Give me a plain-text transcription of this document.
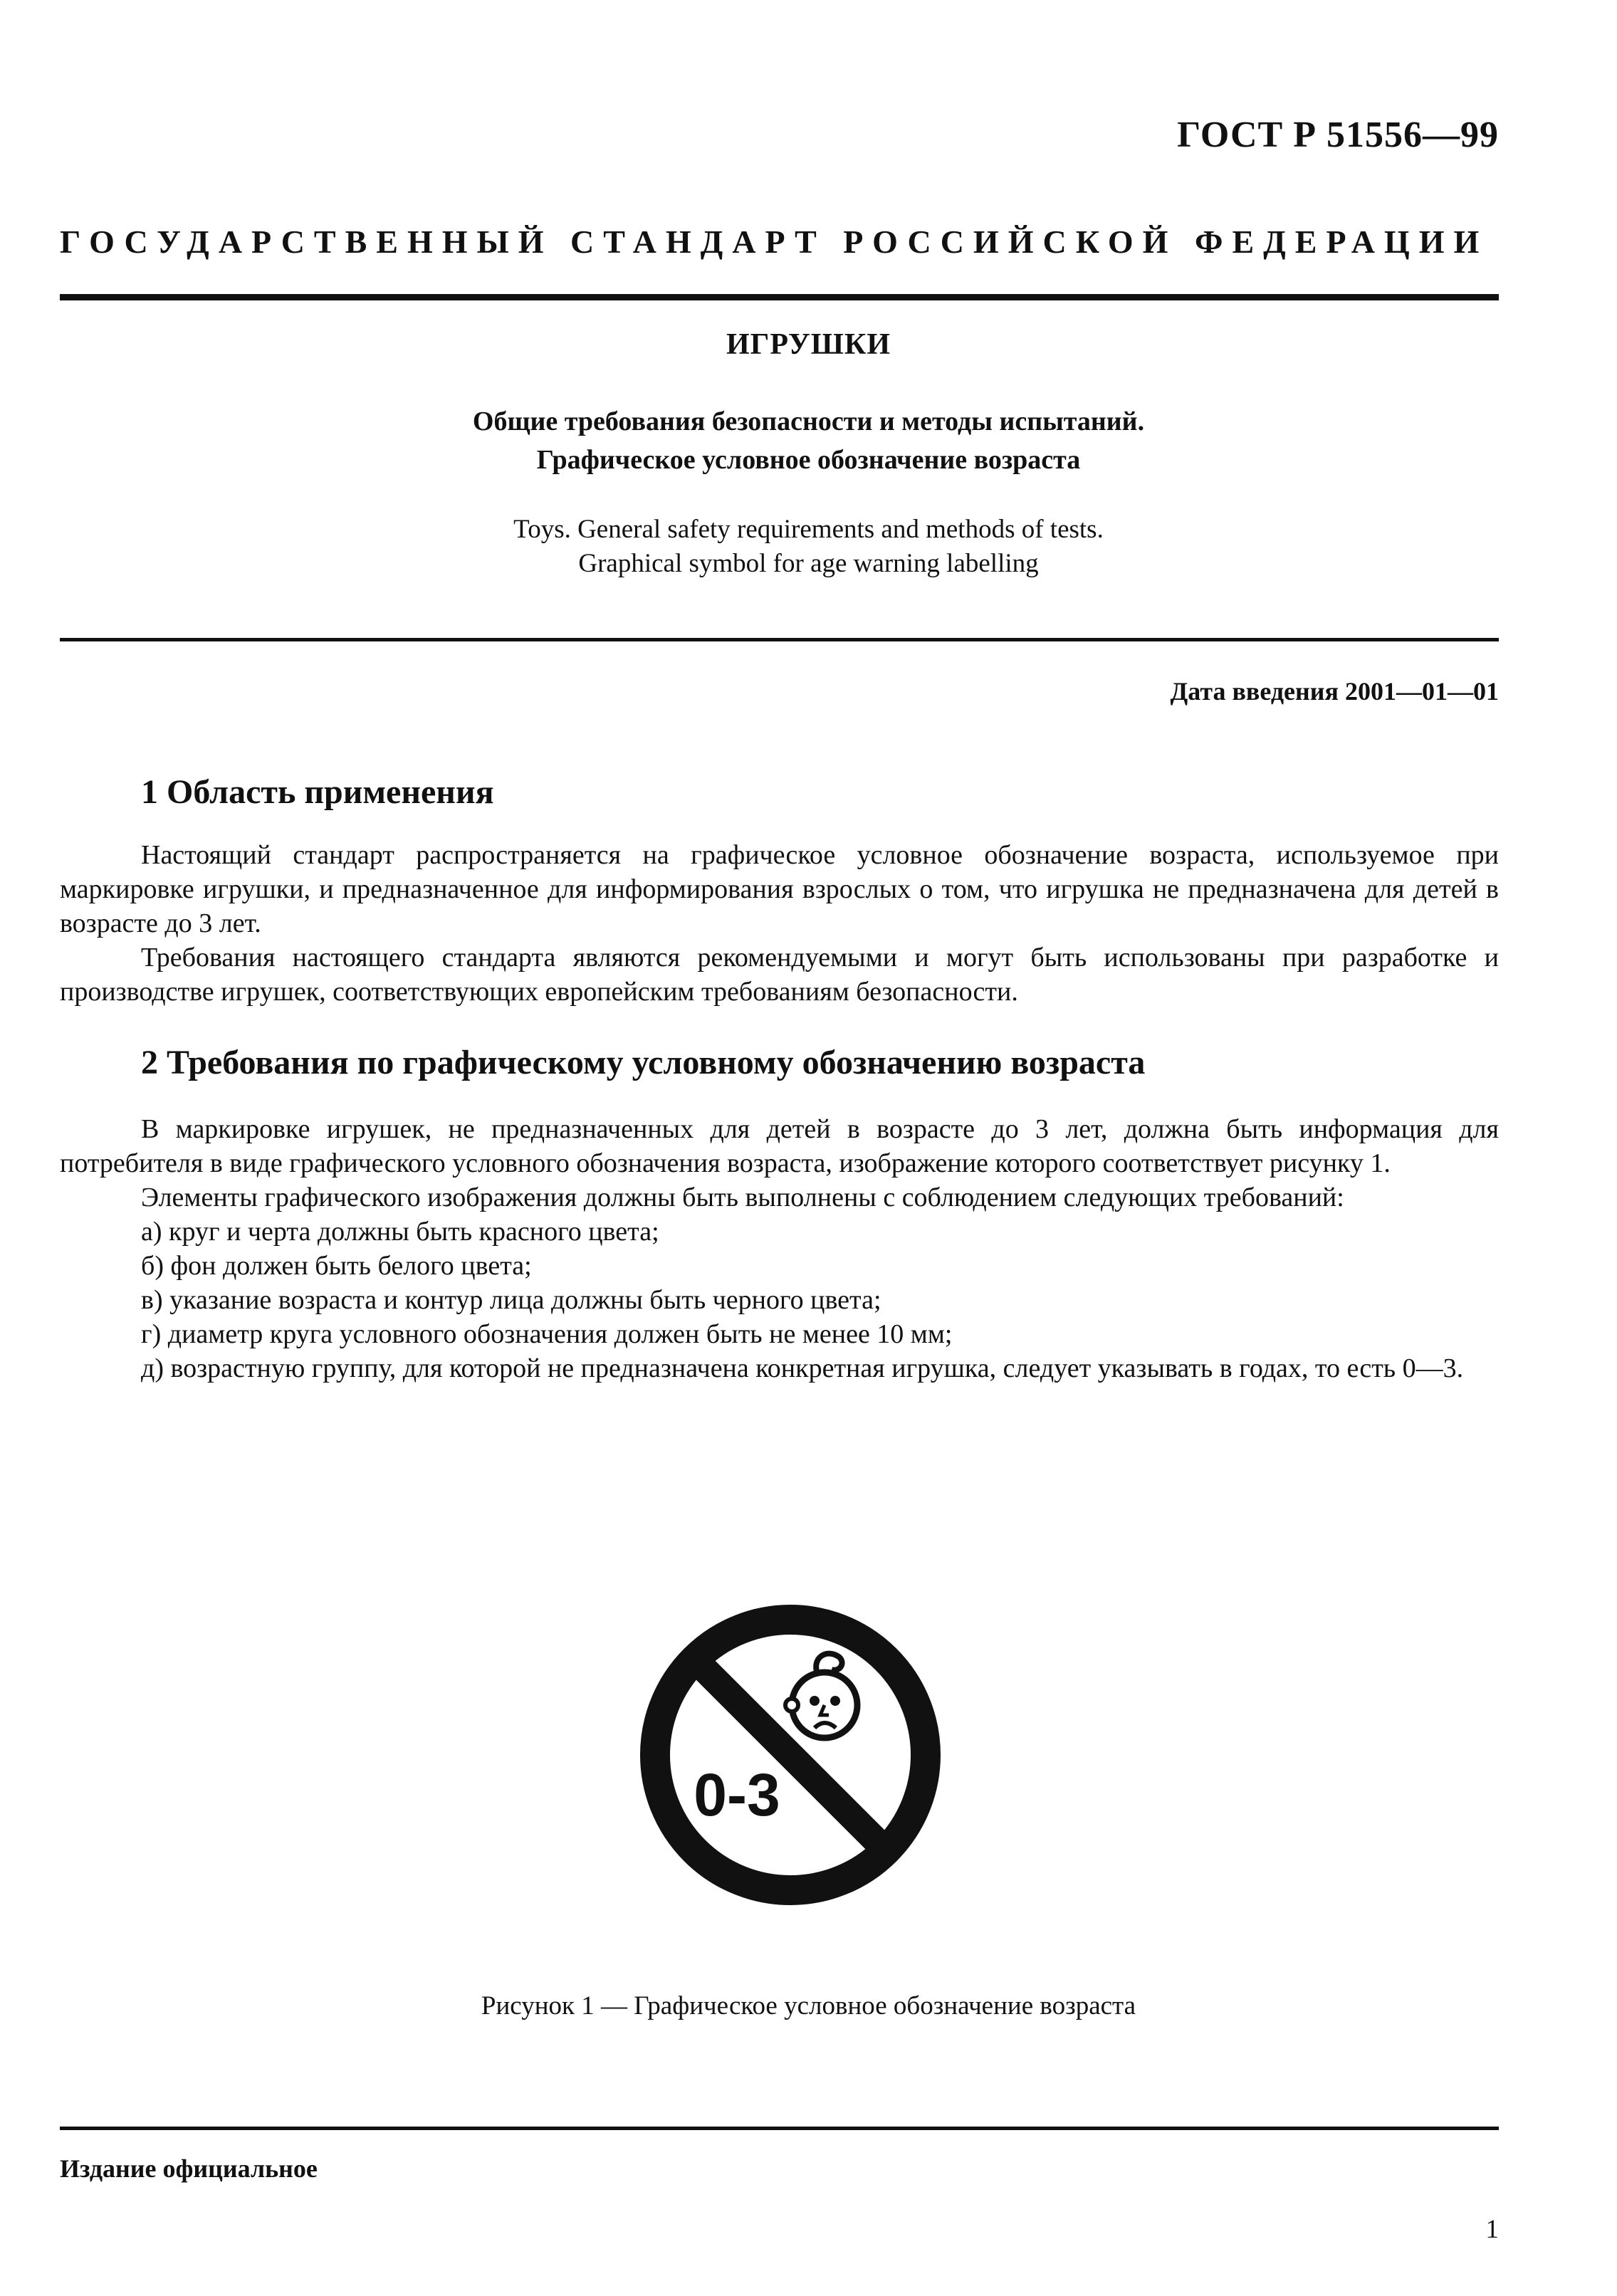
ГОСТ Р 51556—99
ГОСУДАРСТВЕННЫЙ СТАНДАРТ РОССИЙСКОЙ ФЕДЕРАЦИИ
ИГРУШКИ
Общие требования безопасности и методы испытаний.
Графическое условное обозначение возраста
Toys. General safety requirements and methods of tests.
Graphical symbol for age warning labelling
Дата введения 2001—01—01
1 Область применения

Настоящий стандарт распространяется на графическое условное обозначение возраста, используемое при маркировке игрушки, и предназначенное для информирования взрослых о том, что игрушка не предназначена для детей в возрасте до 3 лет.

Требования настоящего стандарта являются рекомендуемыми и могут быть использованы при разработке и производстве игрушек, соответствующих европейским требованиям безопасности.

2 Требования по графическому условному обозначению возраста

В маркировке игрушек, не предназначенных для детей в возрасте до 3 лет, должна быть информация для потребителя в виде графического условного обозначения возраста, изображение которого соответствует рисунку 1.

Элементы графического изображения должны быть выполнены с соблюдением следующих требований:

а) круг и черта должны быть красного цвета;

б) фон должен быть белого цвета;

в) указание возраста и контур лица должны быть черного цвета;

г) диаметр круга условного обозначения должен быть не менее 10 мм;

д) возрастную группу, для которой не предназначена конкретная игрушка, следует указывать в годах, то есть 0—3.

0-3
Рисунок 1 — Графическое условное обозначение возраста
Издание официальное
1
